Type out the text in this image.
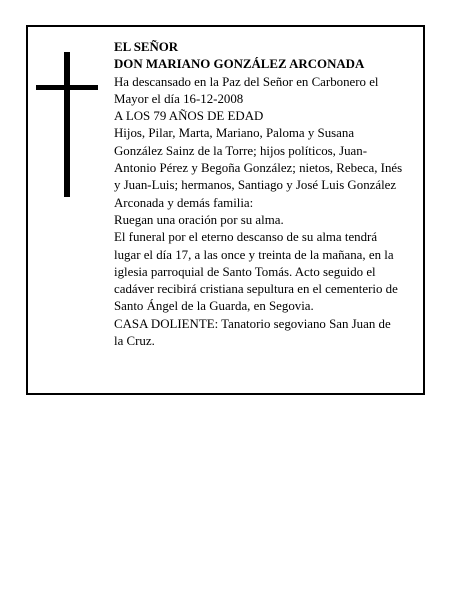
EL SEÑOR
DON MARIANO GONZÁLEZ ARCONADA
Ha descansado en la Paz del Señor en Carbonero el
Mayor el día 16-12-2008
A LOS 79 AÑOS DE EDAD
Hijos, Pilar, Marta, Mariano, Paloma y Susana
González Sainz de la Torre; hijos políticos, Juan-
Antonio Pérez y Begoña González; nietos, Rebeca, Inés
y Juan-Luis; hermanos, Santiago y José Luis González
Arconada y demás familia:
Ruegan una oración por su alma.
El funeral por el eterno descanso de su alma tendrá
lugar el día 17, a las once y treinta de la mañana, en la
iglesia parroquial de Santo Tomás. Acto seguido el
cadáver recibirá cristiana sepultura en el cementerio de
Santo Ángel de la Guarda, en Segovia.
CASA DOLIENTE: Tanatorio segoviano San Juan de
la Cruz.
